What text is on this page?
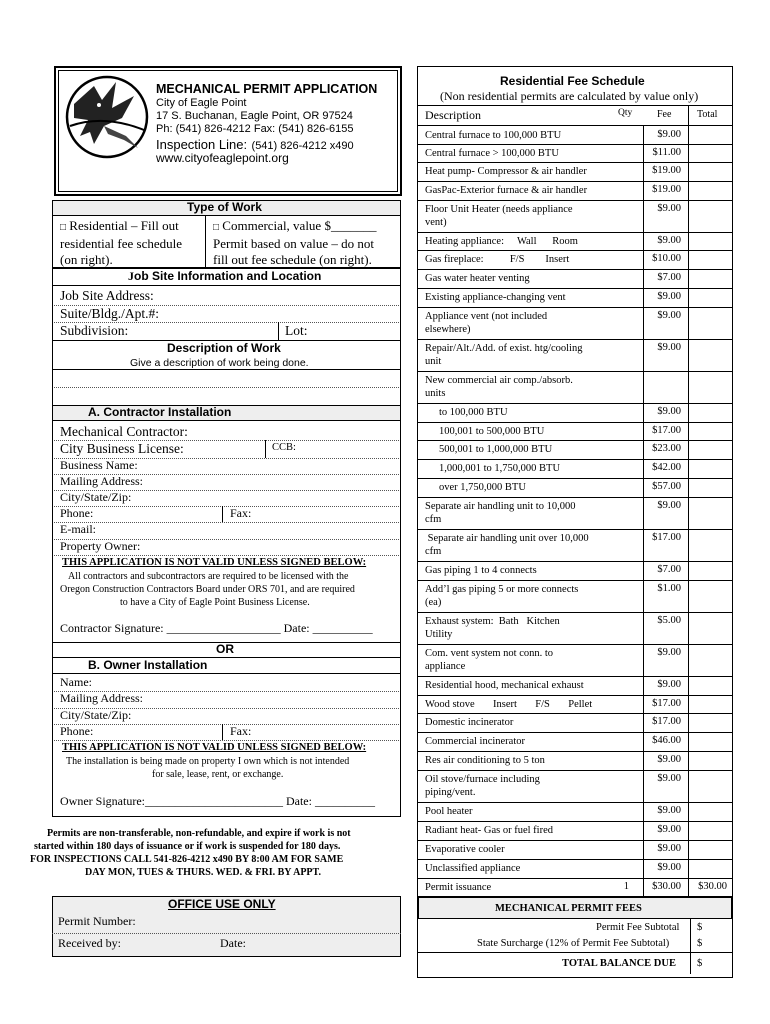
MECHANICAL PERMIT APPLICATION
City of Eagle Point
17 S. Buchanan, Eagle Point, OR 97524
Ph: (541) 826-4212 Fax: (541) 826-6155
Inspection Line: (541) 826-4212 x490
www.cityofeaglepoint.org
Type of Work
□ Residential – Fill out
residential fee schedule
(on right).
□ Commercial, value $_______
Permit based on value – do not
fill out fee schedule (on right).
Job Site Information and Location
Job Site Address:
Suite/Bldg./Apt.#:
Subdivision:	Lot:
Description of Work
Give a description of work being done.
A. Contractor Installation
Mechanical Contractor:
City Business License:	CCB:
Business Name:
Mailing Address:
City/State/Zip:
Phone:	Fax:
E-mail:
Property Owner:
THIS APPLICATION IS NOT VALID UNLESS SIGNED BELOW:
All contractors and subcontractors are required to be licensed with the
Oregon Construction Contractors Board under ORS 701, and are required
to have a City of Eagle Point Business License.
Contractor Signature: ___________________ Date: __________
OR
B. Owner Installation
Name:
Mailing Address:
City/State/Zip:
Phone:	Fax:
THIS APPLICATION IS NOT VALID UNLESS SIGNED BELOW:
The installation is being made on property I own which is not intended
for sale, lease, rent, or exchange.
Owner Signature:_______________________ Date: __________
Permits are non-transferable, non-refundable, and expire if work is not
started within 180 days of issuance or if work is suspended for 180 days.
FOR INSPECTIONS CALL 541-826-4212 x490 BY 8:00 AM FOR SAME
DAY MON, TUES & THURS. WED. & FRI. BY APPT.
OFFICE USE ONLY
Permit Number:
Received by:	Date:
Residential Fee Schedule
(Non residential permits are calculated by value only)
Description	Qty Fee	Total
Central furnace to 100,000 BTU	$9.00
Central furnace > 100,000 BTU	$11.00
Heat pump- Compressor & air handler	$19.00
GasPac-Exterior furnace & air handler	$19.00
Floor Unit Heater (needs appliance
vent)
$9.00
Heating appliance:     Wall      Room	$9.00
Gas fireplace:          F/S        Insert	$10.00
Gas water heater venting	$7.00
Existing appliance-changing vent	$9.00
Appliance vent (not included
elsewhere)
$9.00
Repair/Alt./Add. of exist. htg/cooling
unit
$9.00
New commercial air comp./absorb.
units
to 100,000 BTU	$9.00
100,001 to 500,000 BTU	$17.00
500,001 to 1,000,000 BTU	$23.00
1,000,001 to 1,750,000 BTU	$42.00
over 1,750,000 BTU	$57.00
Separate air handling unit to 10,000
cfm
$9.00
Separate air handling unit over 10,000
cfm
$17.00
Gas piping 1 to 4 connects	$7.00
Add’l gas piping 5 or more connects
(ea)
$1.00
Exhaust system:  Bath   Kitchen
Utility
$5.00
Com. vent system not conn. to
appliance
$9.00
Residential hood, mechanical exhaust	$9.00
Wood stove       Insert       F/S       Pellet	$17.00
Domestic incinerator	$17.00
Commercial incinerator	$46.00
Res air conditioning to 5 ton	$9.00
Oil stove/furnace including
piping/vent.
$9.00
Pool heater	$9.00
Radiant heat- Gas or fuel fired	$9.00
Evaporative cooler	$9.00
Unclassified appliance	$9.00
Permit issuance	1	$30.00	$30.00
MECHANICAL PERMIT FEES
Permit Fee Subtotal $
State Surcharge (12% of Permit Fee Subtotal)	$
TOTAL BALANCE DUE $
